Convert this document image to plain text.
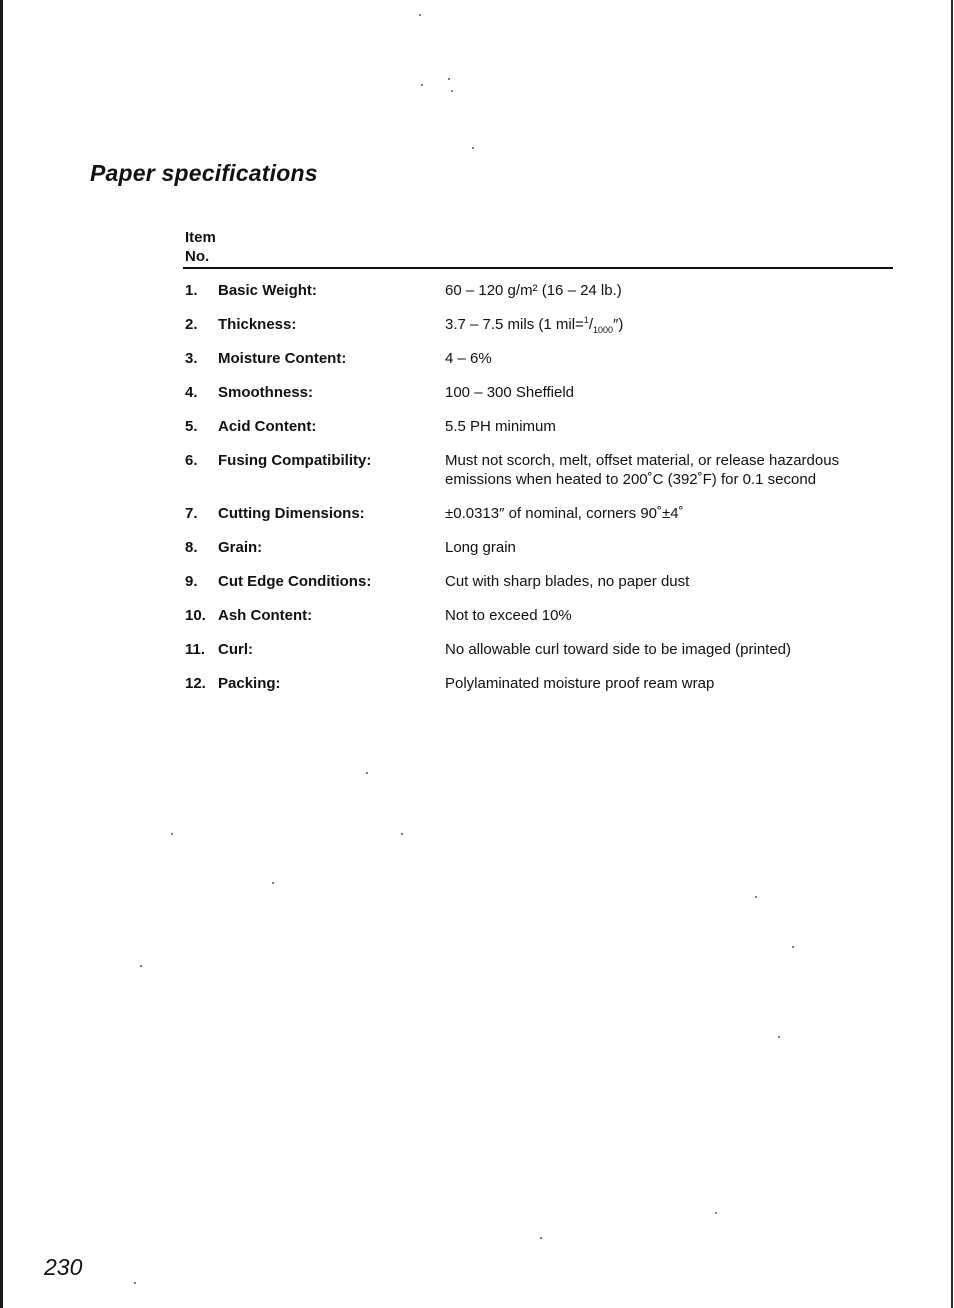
Paper specifications
Item
No.
1.	Basic Weight:	60 – 120 g/m² (16 – 24 lb.)
2.	Thickness:	3.7 – 7.5 mils (1 $mil=^1/_{1000}''$)
3.	Moisture Content:	4 – 6%
4.	Smoothness:	100 – 300 Sheffield
5.	Acid Content:	5.5 PH minimum
6.	Fusing Compatibility:	Must not scorch, melt, offset material, or release hazardous emissions when heated to 200˚C (392˚F) for 0.1 second
7.	Cutting Dimensions:	±0.0313″ of nominal, corners 90˚±4˚
8.	Grain:	Long grain
9.	Cut Edge Conditions:	Cut with sharp blades, no paper dust
10.	Ash Content:	Not to exceed 10%
11.	Curl:	No allowable curl toward side to be imaged (printed)
12.	Packing:	Polylaminated moisture proof ream wrap
230
